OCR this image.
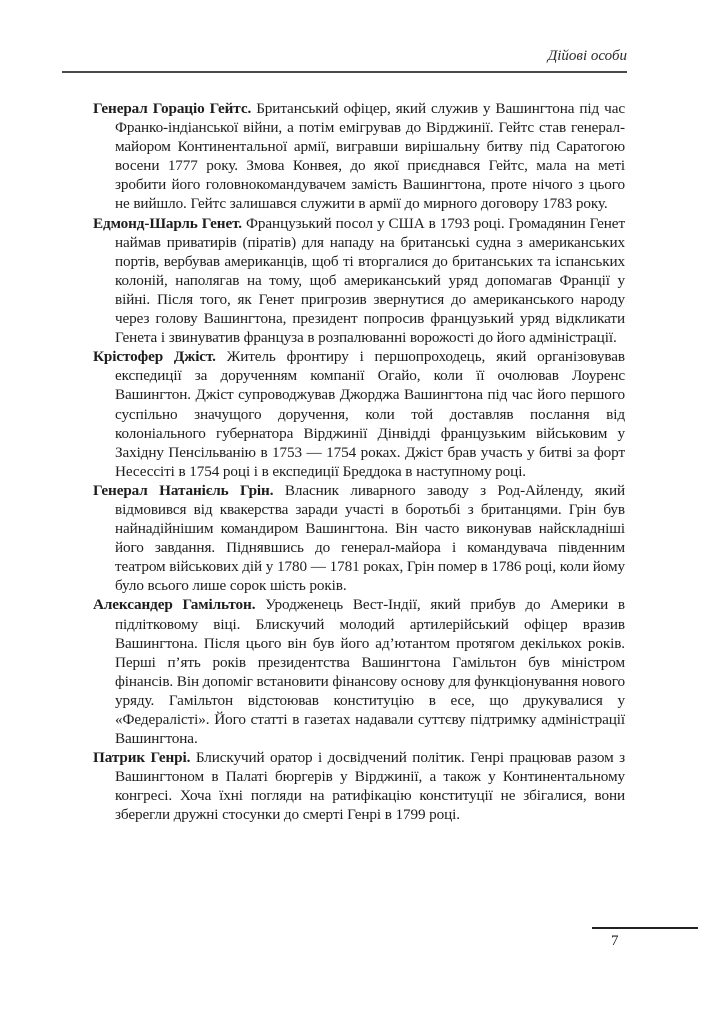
Дійові особи

Генерал Гораціо Гейтс. Британський офіцер, який служив у Вашингтона під час Франко-індіанської війни, а потім емігрував до Вірджинії. Гейтс став генерал-майором Континентальної армії, вигравши вирішальну битву під Саратогою восени 1777 року. Змова Конвея, до якої приєднався Гейтс, мала на меті зробити його головнокомандувачем замість Вашингтона, проте нічого з цього не вийшло. Гейтс залишався служити в армії до мирного договору 1783 року.

Едмонд-Шарль Генет. Французький посол у США в 1793 році. Громадянин Генет наймав приватирів (піратів) для нападу на британські судна з американських портів, вербував американців, щоб ті вторгалися до британських та іспанських колоній, наполягав на тому, щоб американський уряд допомагав Франції у війні. Після того, як Генет пригрозив звернутися до американського народу через голову Вашингтона, президент попросив французький уряд відкликати Генета і звинуватив француза в розпалюванні ворожості до його адміністрації.

Крістофер Джіст. Житель фронтиру і першопроходець, який організовував експедиції за дорученням компанії Огайо, коли її очолював Лоуренс Вашингтон. Джіст супроводжував Джорджа Вашингтона під час його першого суспільно значущого доручення, коли той доставляв послання від колоніального губернатора Вірджинії Дінвідді французьким військовим у Західну Пенсільванію в 1753 — 1754 роках. Джіст брав участь у битві за форт Несессіті в 1754 році і в експедиції Бреддока в наступному році.

Генерал Натанієль Грін. Власник ливарного заводу з Род-Айленду, який відмовився від квакерства заради участі в боротьбі з британцями. Грін був найнадійнішим командиром Вашингтона. Він часто виконував найскладніші його завдання. Піднявшись до генерал-майора і командувача південним театром військових дій у 1780 — 1781 роках, Грін помер в 1786 році, коли йому було всього лише сорок шість років.

Александер Гамільтон. Уродженець Вест-Індії, який прибув до Америки в підлітковому віці. Блискучий молодий артилерійський офіцер вразив Вашингтона. Після цього він був його ад’ютантом протягом декількох років. Перші п’ять років президентства Вашингтона Гамільтон був міністром фінансів. Він допоміг встановити фінансову основу для функціонування нового уряду. Гамільтон відстоював конституцію в есе, що друкувалися у «Федералісті». Його статті в газетах надавали суттєву підтримку адміністрації Вашингтона.

Патрик Генрі. Блискучий оратор і досвідчений політик. Генрі працював разом з Вашингтоном в Палаті бюргерів у Вірджинії, а також у Континентальному конгресі. Хоча їхні погляди на ратифікацію конституції не збігалися, вони зберегли дружні стосунки до смерті Генрі в 1799 році.

7
